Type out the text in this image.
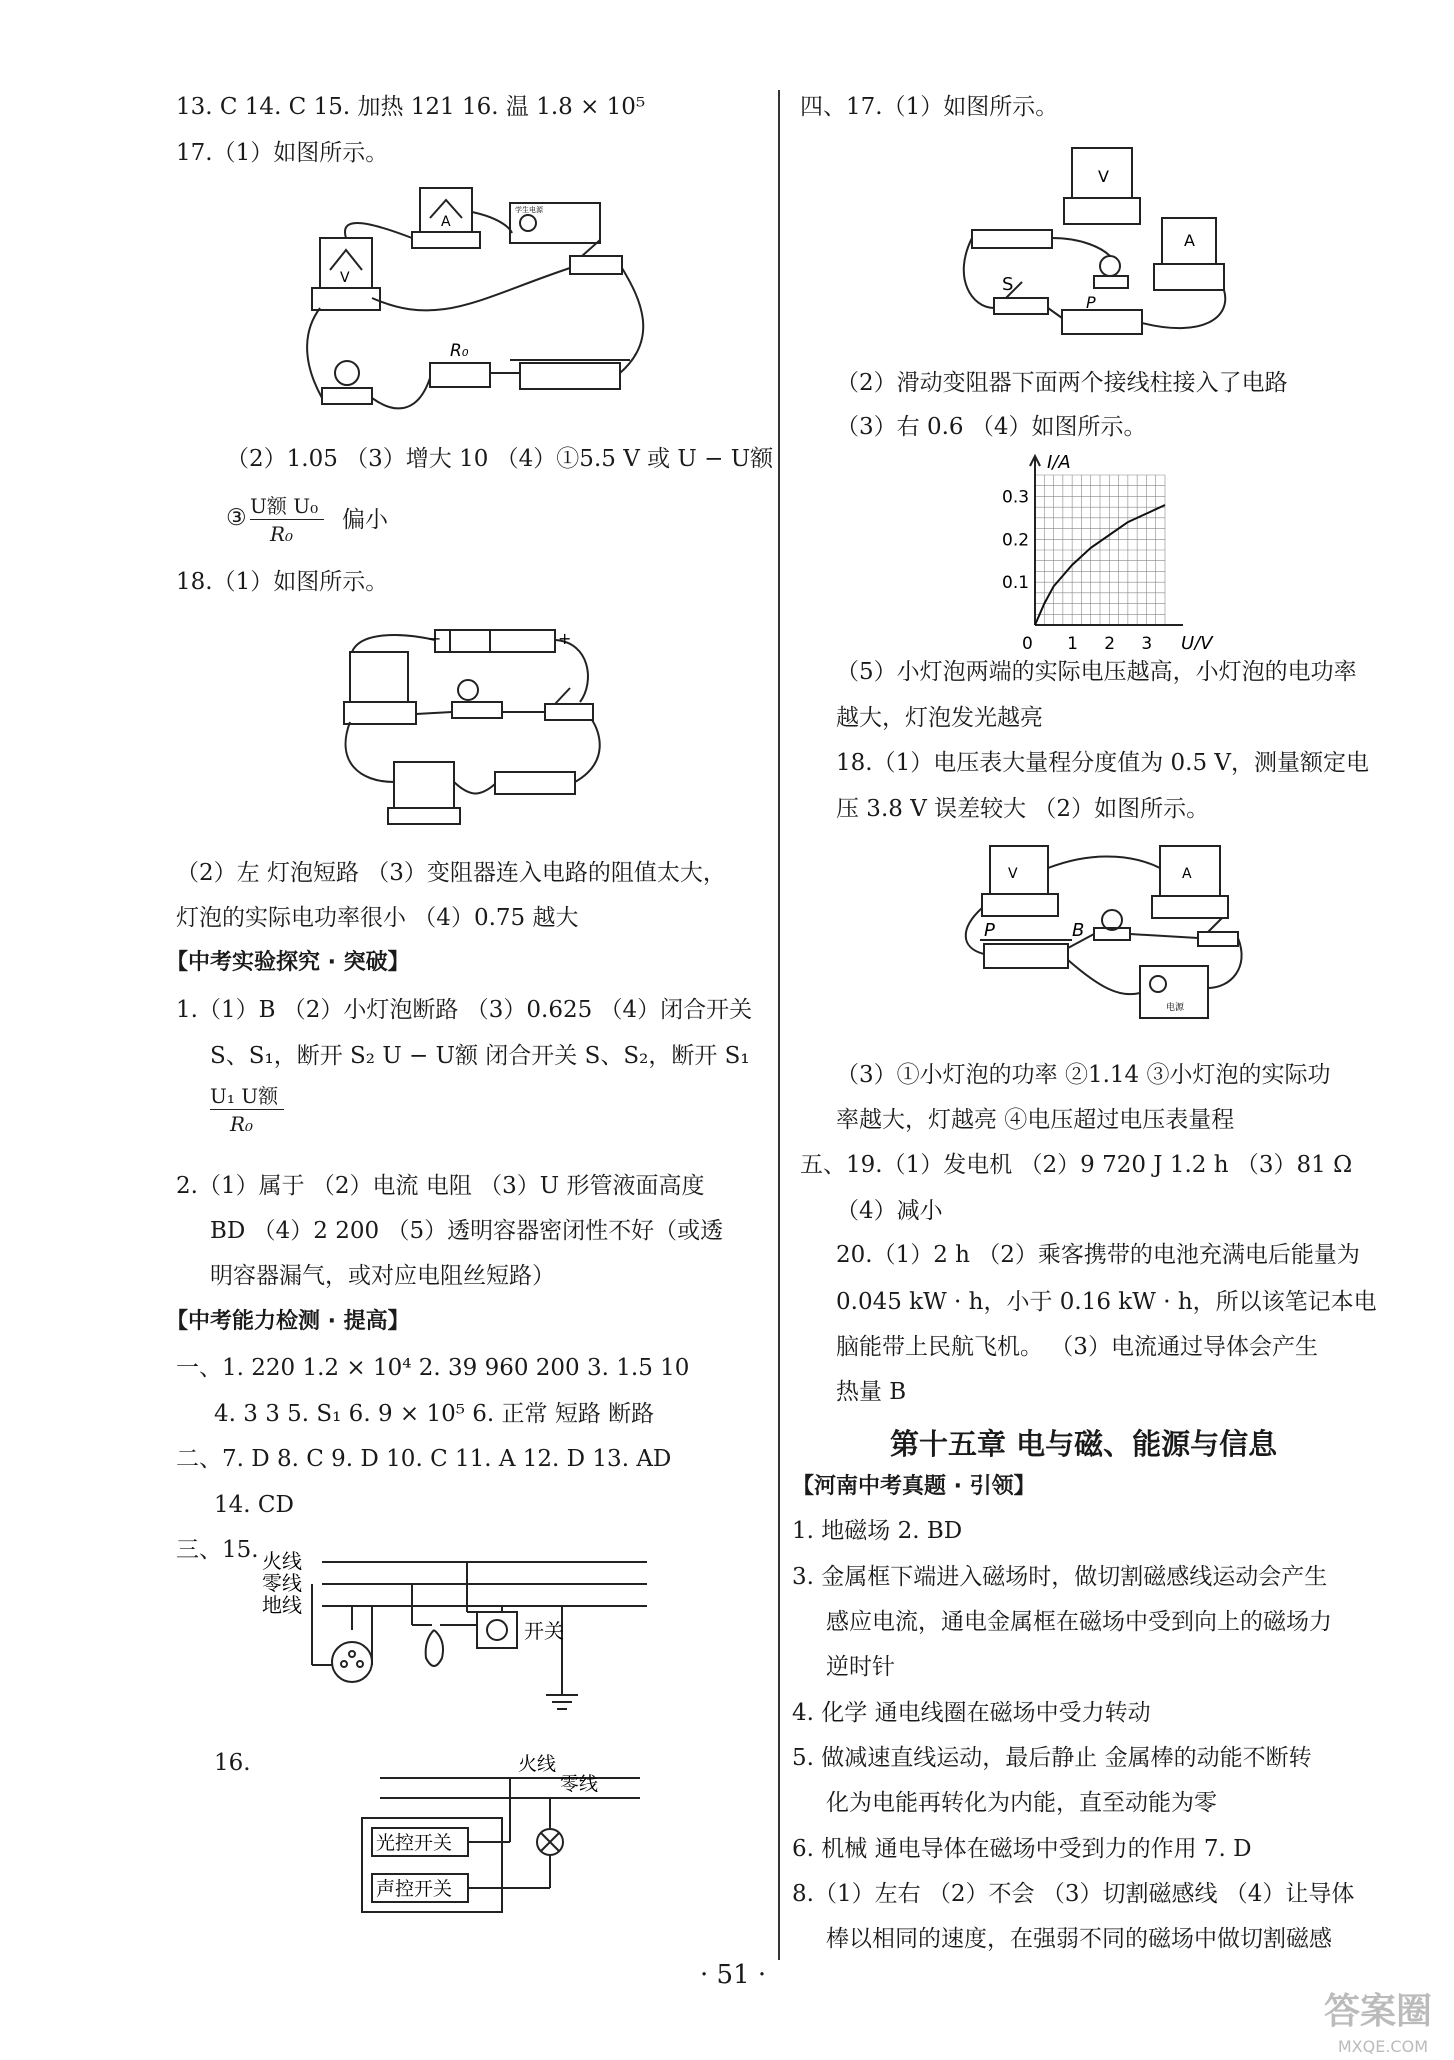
13. C 14. C 15. 加热 121 16. 温 1.8 × 10⁵
17.（1）如图所示。
A
V
R₀
学生电源
（2）1.05 （3）增大 10 （4）①5.5 V 或 U − U额
③ U额 U₀
R₀
偏小
18.（1）如图所示。
−	+
（2）左 灯泡短路 （3）变阻器连入电路的阻值太大，
灯泡的实际电功率很小 （4）0.75 越大
【中考实验探究 · 突破】
1.（1）B （2）小灯泡断路 （3）0.625 （4）闭合开关
S、S₁，断开 S₂ U − U额 闭合开关 S、S₂，断开 S₁
U₁ U额
R₀
2.（1）属于 （2）电流 电阻 （3）U 形管液面高度
BD （4）2 200 （5）透明容器密闭性不好（或透
明容器漏气，或对应电阻丝短路）
【中考能力检测 · 提高】
一、1. 220 1.2 × 10⁴ 2. 39 960 200 3. 1.5 10
4. 3 3 5. S₁ 6. 9 × 10⁵ 6. 正常 短路 断路
二、7. D 8. C 9. D 10. C 11. A 12. D 13. AD
14. CD
三、15. 火线
零线
地线
开关
16.	火线
零线
光控开关
声控开关
四、17.（1）如图所示。
V
A
S
P
（2）滑动变阻器下面两个接线柱接入了电路
（3）右 0.6 （4）如图所示。
I/A
U/V
0 1 2 3
0.1
0.2
0.3
（5）小灯泡两端的实际电压越高，小灯泡的电功率
越大，灯泡发光越亮
18.（1）电压表大量程分度值为 0.5 V，测量额定电
压 3.8 V 误差较大 （2）如图所示。
V	A
P	B
电源
（3）①小灯泡的功率 ②1.14 ③小灯泡的实际功
率越大，灯越亮 ④电压超过电压表量程
五、19.（1）发电机 （2）9 720 J 1.2 h （3）81 Ω
（4）减小
20.（1）2 h （2）乘客携带的电池充满电后能量为
0.045 kW · h，小于 0.16 kW · h，所以该笔记本电
脑能带上民航飞机。 （3）电流通过导体会产生
热量 B
第十五章 电与磁、能源与信息
【河南中考真题 · 引领】
1. 地磁场 2. BD
3. 金属框下端进入磁场时，做切割磁感线运动会产生
感应电流，通电金属框在磁场中受到向上的磁场力
逆时针
4. 化学 通电线圈在磁场中受力转动
5. 做减速直线运动，最后静止 金属棒的动能不断转
化为电能再转化为内能，直至动能为零
6. 机械 通电导体在磁场中受到力的作用 7. D
8.（1）左右 （2）不会 （3）切割磁感线 （4）让导体
棒以相同的速度，在强弱不同的磁场中做切割磁感
· 51 ·
答案圈
MXQE.COM
